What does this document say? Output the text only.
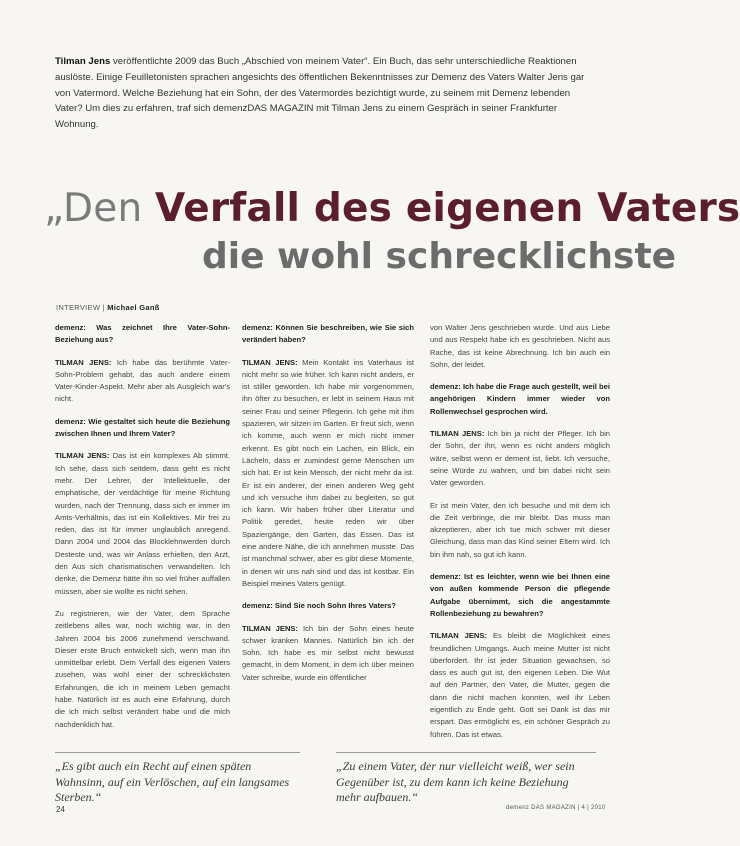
Tilman Jens veröffentlichte 2009 das Buch „Abschied von meinem Vater“. Ein Buch, das sehr unterschiedliche Reaktionen auslöste. Einige Feuilletonisten sprachen angesichts des öffentlichen Bekenntnisses zur Demenz des Vaters Walter Jens gar von Vatermord. Welche Beziehung hat ein Sohn, der des Vatermordes bezichtigt wurde, zu seinem mit Demenz lebenden Vater? Um dies zu erfahren, traf sich demenzDAS MAGAZIN mit Tilman Jens zu einem Gespräch in seiner Frankfurter Wohnung.
„Den Verfall des eigenen Vaters
die wohl schrecklichste
INTERVIEW | Michael Ganß

demenz: Was zeichnet Ihre Vater-Sohn-Beziehung aus?

TILMAN JENS: Ich habe das berühmte Vater-Sohn-Problem gehabt, das auch andere einem Vater-Kinder-Aspekt. Mehr aber als Ausgleich war's nicht.

demenz: Wie gestaltet sich heute die Beziehung zwischen Ihnen und Ihrem Vater?

TILMAN JENS: Das ist ein komplexes Ab stimmt. Ich sehe, dass sich seitdem, dass geht es nicht mehr. Der Lehrer, der Intellektuelle, der emphatische, der verdächtige für meine Richtung wurden, nach der Trennung, dass sich er immer im Amts-Verhältnis, das ist ein Kollektives. Mir frei zu reden, das ist für immer unglaublich anregend. Dann 2004 und 2004 das Blocklehnwerden durch Desteste und, was wir Anlass erhielten, den Arzt, den Aus sich charismatischen verwandelten. Ich denke, die Demenz hätte ihn so viel früher auffallen müssen, aber sie wollte es nicht sehen.

Zu registrieren, wie der Vater, dem Sprache zeitlebens alles war, noch wichtig war, in den Jahren 2004 bis 2006 zunehmend verschwand. Dieser erste Bruch entwickelt sich, wenn man ihn unmittelbar erlebt. Dem Verfall des eigenen Vaters zusehen, was wohl einer der schrecklichsten Erfahrungen, die ich in meinem Leben gemacht habe. Natürlich ist es auch eine Erfahrung, durch die ich mich selbst verändert habe und die mich nachdenklich hat.

demenz: Können Sie beschreiben, wie Sie sich verändert haben?

TILMAN JENS: Mein Kontakt ins Vaterhaus ist nicht mehr so wie früher. Ich kann nicht anders, er ist stiller geworden. Ich habe mir vorgenommen, ihn öfter zu besuchen, er lebt in seinem Haus mit seiner Frau und seiner Pflegerin. Ich gehe mit ihm spazieren, wir sitzen im Garten. Er freut sich, wenn ich komme, auch wenn er mich nicht immer erkennt. Es gibt noch ein Lachen, ein Blick, ein Lächeln, dass er zumindest gerne Menschen um sich hat. Er ist kein Mensch, der nicht mehr da ist. Er ist ein anderer, der einen anderen Weg geht und ich versuche ihm dabei zu begleiten, so gut ich kann. Wir haben früher über Literatur und Politik geredet, heute reden wir über Spaziergänge, den Garten, das Essen. Das ist eine andere Nähe, die ich annehmen musste. Das ist manchmal schwer, aber es gibt diese Momente, in denen wir uns nah sind und das ist kostbar. Ein Beispiel meines Vaters genügt.

demenz: Sind Sie noch Sohn Ihres Vaters?

TILMAN JENS: Ich bin der Sohn eines heute schwer kranken Mannes. Natürlich bin ich der Sohn. Ich habe es mir selbst nicht bewusst gemacht, in dem Moment, in dem ich über meinen Vater schreibe, wurde ein öffentlicher

von Walter Jens geschrieben wurde. Und aus Liebe und aus Respekt habe ich es geschrieben. Nicht aus Rache, das ist keine Abrechnung. Ich bin auch ein Sohn, der leidet.

demenz: Ich habe die Frage auch gestellt, weil bei angehörigen Kindern immer wieder von Rollenwechsel gesprochen wird.

TILMAN JENS: Ich bin ja nicht der Pfleger. Ich bin der Sohn, der ihn, wenn es nicht anders möglich wäre, selbst wenn er dement ist, liebt. Ich versuche, seine Würde zu wahren, und bin dabei nicht sein Vater geworden.

Er ist mein Vater, den ich besuche und mit dem ich die Zeit verbringe, die mir bleibt. Das muss man akzeptieren, aber ich tue mich schwer mit dieser Gleichung, dass man das Kind seiner Eltern wird. Ich bin ihm nah, so gut ich kann.

demenz: Ist es leichter, wenn wie bei Ihnen eine von außen kommende Person die pflegende Aufgabe übernimmt, sich die angestammte Rollenbeziehung zu bewahren?

TILMAN JENS: Es bleibt die Möglichkeit eines freundlichen Umgangs. Auch meine Mutter ist nicht überfordert. Ihr ist jeder Situation gewachsen, so dass es auch gut ist, den eigenen Leben. Die Wut auf den Partner, den Vater, die Mutter, gegen die dann die nicht machen konnten, weil ihr Leben eigentlich zu Ende geht. Gott sei Dank ist das mir erspart. Das ermöglicht es, ein schöner Gespräch zu führen. Das ist etwas.

„Es gibt auch ein Recht auf einen späten Wahnsinn, auf ein Verlöschen, auf ein langsames Sterben.“
„Zu einem Vater, der nur vielleicht weiß, wer sein Gegenüber ist, zu dem kann ich keine Beziehung mehr aufbauen.“
24	demenz DAS MAGAZIN | 4 | 2010
